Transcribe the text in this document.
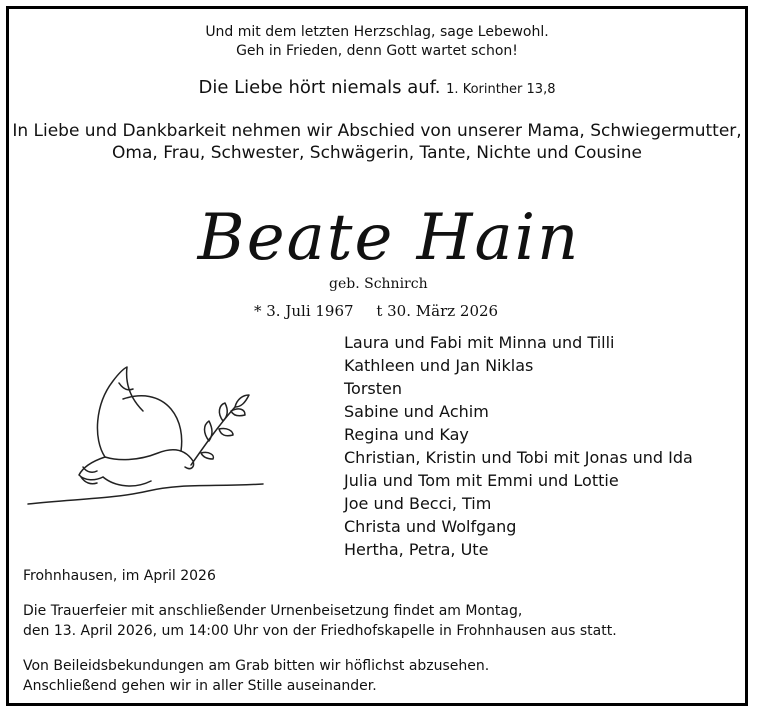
Und mit dem letzten Herzschlag, sage Lebewohl.
Geh in Frieden, denn Gott wartet schon!
Die Liebe hört niemals auf. 1. Korinther 13,8
In Liebe und Dankbarkeit nehmen wir Abschied von unserer Mama, Schwiegermutter,
Oma, Frau, Schwester, Schwägerin, Tante, Nichte und Cousine
Beate Hain
geb. Schnirch
* 3. Juli 1967 t 30. März 2026
Laura und Fabi mit Minna und Tilli
Kathleen und Jan Niklas
Torsten
Sabine und Achim
Regina und Kay
Christian, Kristin und Tobi mit Jonas und Ida
Julia und Tom mit Emmi und Lottie
Joe und Becci, Tim
Christa und Wolfgang
Hertha, Petra, Ute
Frohnhausen, im April 2026
Die Trauerfeier mit anschließender Urnenbeisetzung findet am Montag,
den 13. April 2026, um 14:00 Uhr von der Friedhofskapelle in Frohnhausen aus statt.
Von Beileidsbekundungen am Grab bitten wir höflichst abzusehen.
Anschließend gehen wir in aller Stille auseinander.
